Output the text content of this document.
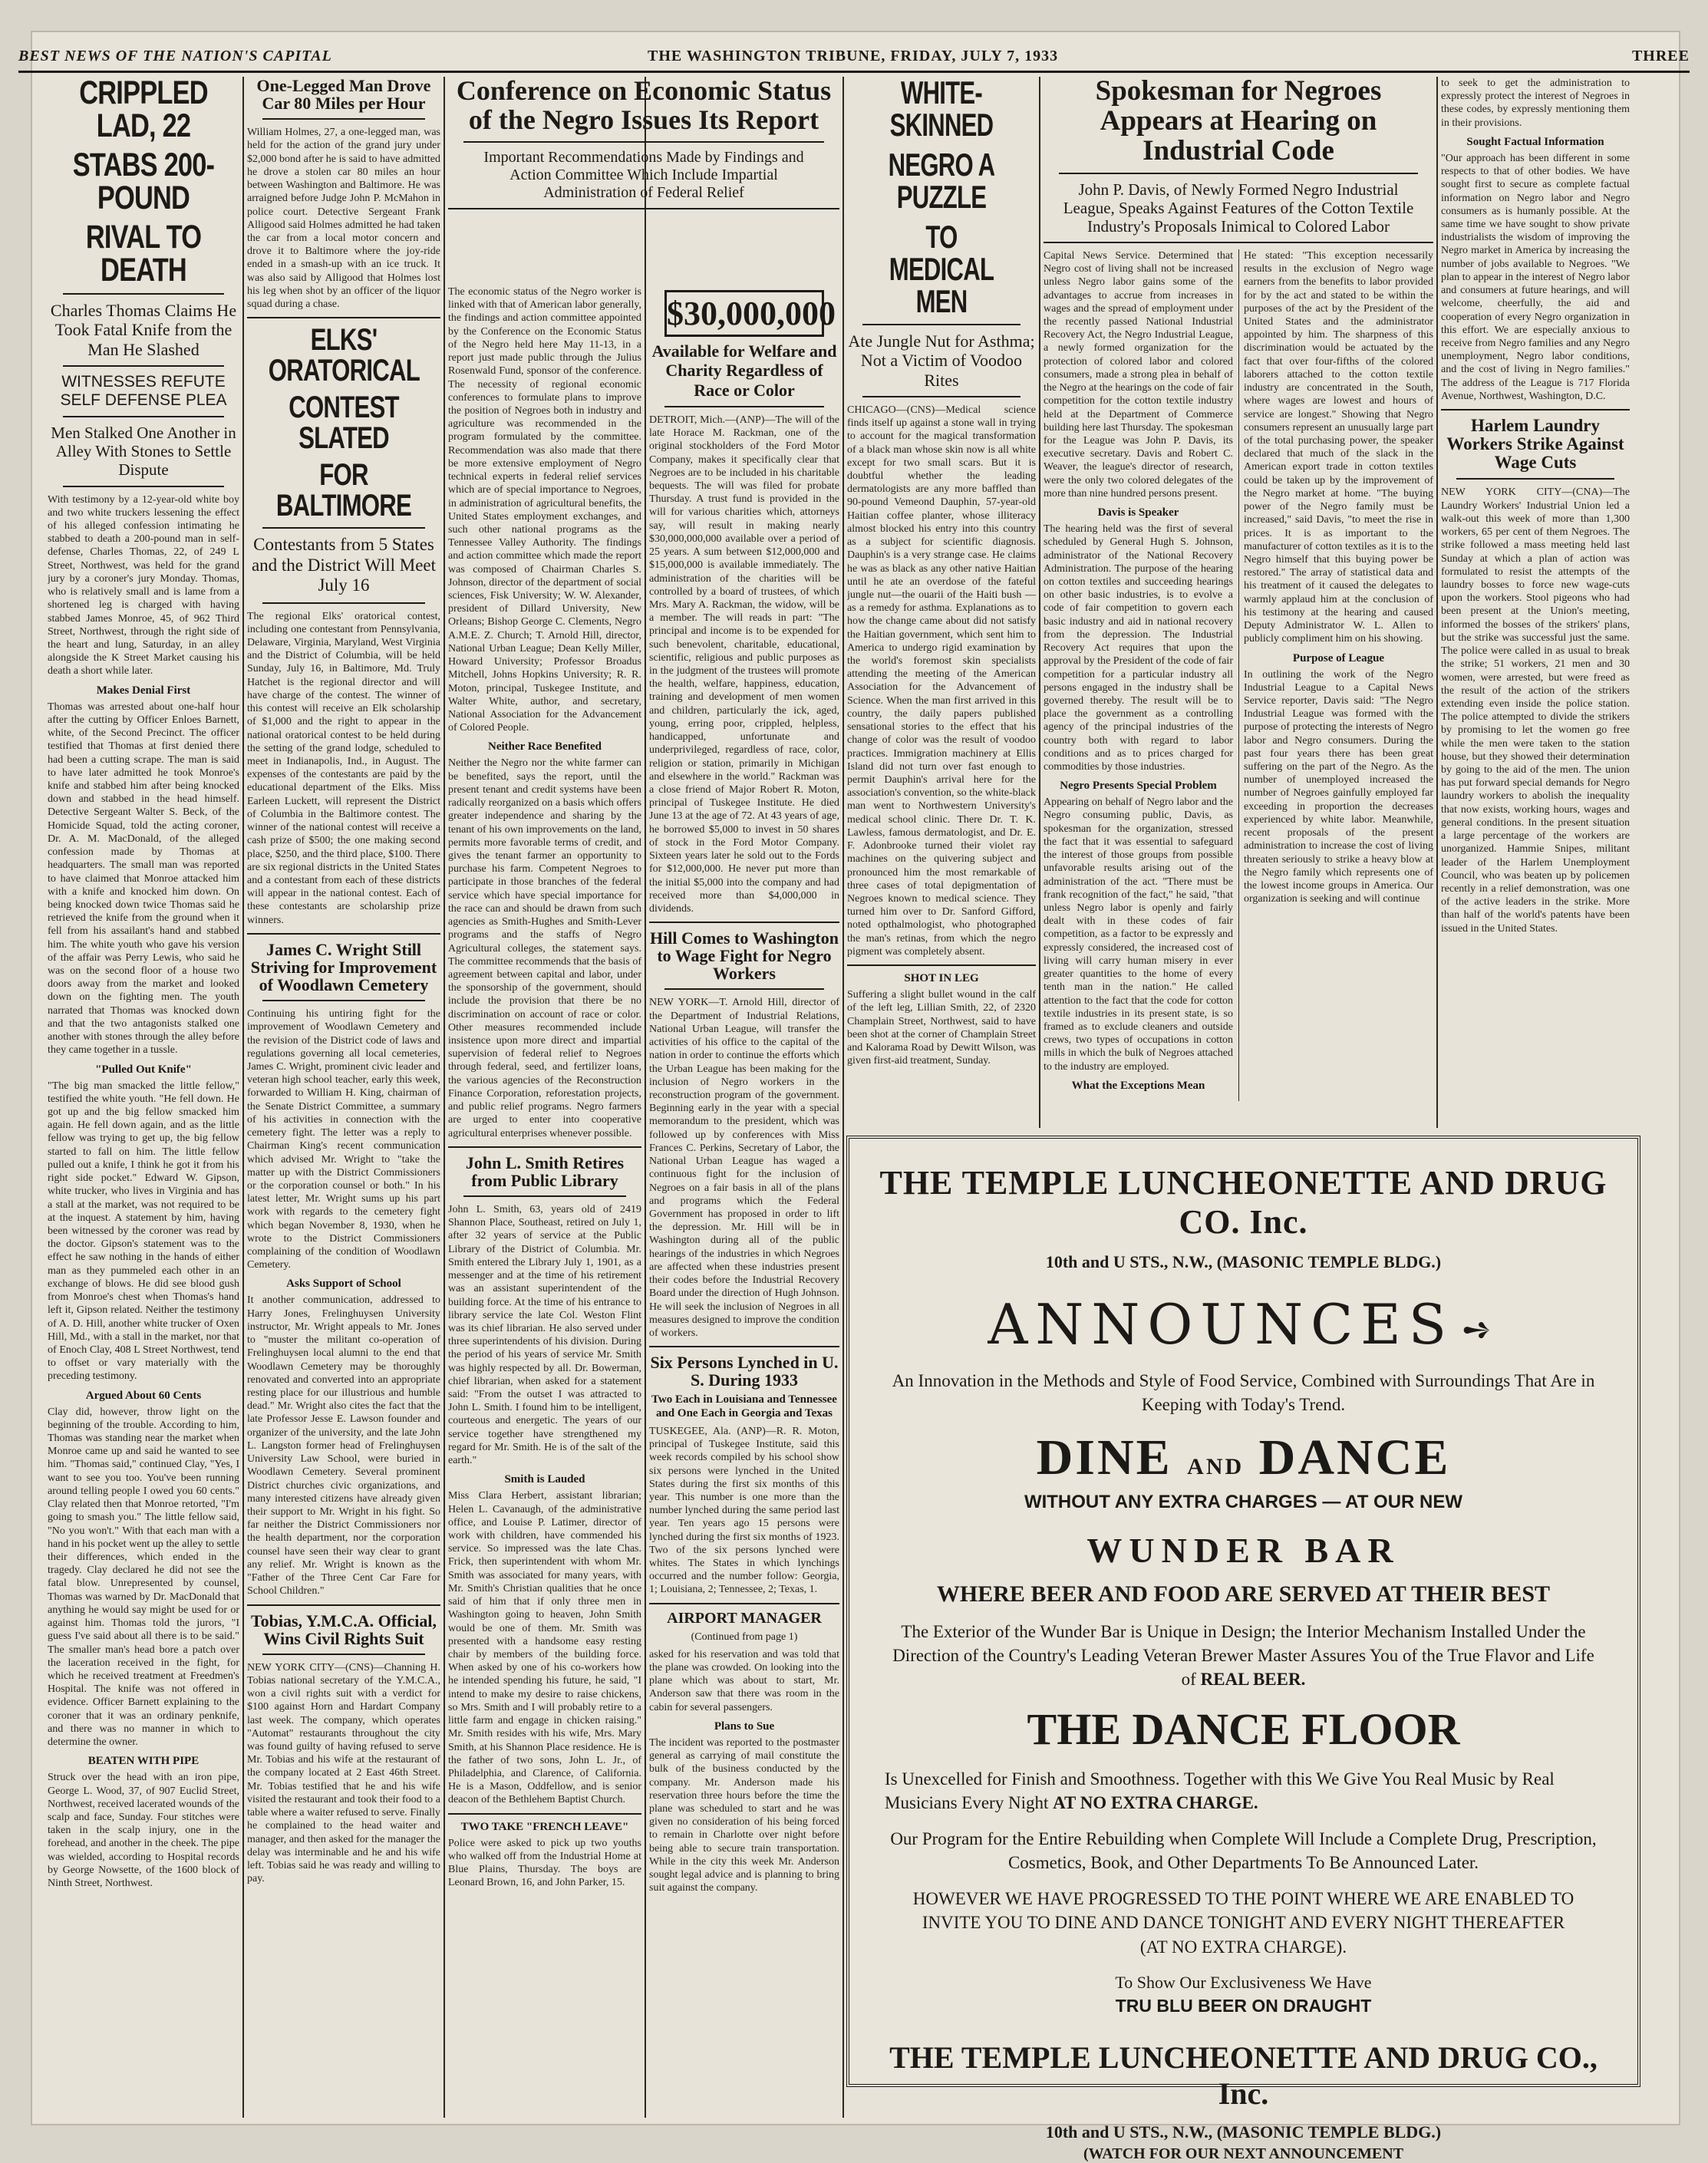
BEST NEWS OF THE NATION'S CAPITAL	THE WASHINGTON TRIBUNE, FRIDAY, JULY 7, 1933	THREE
CRIPPLED LAD, 22
STABS 200-POUND
RIVAL TO DEATH
Charles Thomas Claims He Took Fatal Knife from the Man He Slashed
WITNESSES REFUTE SELF DEFENSE PLEA
Men Stalked One Another in Alley With Stones to Settle Dispute

With testimony by a 12-year-old white boy and two white truckers lessening the effect of his alleged confession intimating he stabbed to death a 200-pound man in self-defense, Charles Thomas, 22, of 249 L Street, Northwest, was held for the grand jury by a coroner's jury Monday. Thomas, who is relatively small and is lame from a shortened leg is charged with having stabbed James Monroe, 45, of 962 Third Street, Northwest, through the right side of the heart and lung, Saturday, in an alley alongside the K Street Market causing his death a short while later.

Makes Denial First

Thomas was arrested about one-half hour after the cutting by Officer Enloes Barnett, white, of the Second Precinct. The officer testified that Thomas at first denied there had been a cutting scrape. The man is said to have later admitted he took Monroe's knife and stabbed him after being knocked down and stabbed in the head himself. Detective Sergeant Walter S. Beck, of the Homicide Squad, told the acting coroner, Dr. A. M. MacDonald, of the alleged confession made by Thomas at headquarters. The small man was reported to have claimed that Monroe attacked him with a knife and knocked him down. On being knocked down twice Thomas said he retrieved the knife from the ground when it fell from his assailant's hand and stabbed him. The white youth who gave his version of the affair was Perry Lewis, who said he was on the second floor of a house two doors away from the market and looked down on the fighting men. The youth narrated that Thomas was knocked down and that the two antagonists stalked one another with stones through the alley before they came together in a tussle.

"Pulled Out Knife"

"The big man smacked the little fellow," testified the white youth. "He fell down. He got up and the big fellow smacked him again. He fell down again, and as the little fellow was trying to get up, the big fellow started to fall on him. The little fellow pulled out a knife, I think he got it from his right side pocket." Edward W. Gipson, white trucker, who lives in Virginia and has a stall at the market, was not required to be at the inquest. A statement by him, having been witnessed by the coroner was read by the doctor. Gipson's statement was to the effect he saw nothing in the hands of either man as they pummeled each other in an exchange of blows. He did see blood gush from Monroe's chest when Thomas's hand left it, Gipson related. Neither the testimony of A. D. Hill, another white trucker of Oxen Hill, Md., with a stall in the market, nor that of Enoch Clay, 408 L Street Northwest, tend to offset or vary materially with the preceding testimony.

Argued About 60 Cents

Clay did, however, throw light on the beginning of the trouble. According to him, Thomas was standing near the market when Monroe came up and said he wanted to see him. "Thomas said," continued Clay, "Yes, I want to see you too. You've been running around telling people I owed you 60 cents." Clay related then that Monroe retorted, "I'm going to smash you." The little fellow said, "No you won't." With that each man with a hand in his pocket went up the alley to settle their differences, which ended in the tragedy. Clay declared he did not see the fatal blow. Unrepresented by counsel, Thomas was warned by Dr. MacDonald that anything he would say might be used for or against him. Thomas told the jurors, "I guess I've said about all there is to be said." The smaller man's head bore a patch over the laceration received in the fight, for which he received treatment at Freedmen's Hospital. The knife was not offered in evidence. Officer Barnett explaining to the coroner that it was an ordinary penknife, and there was no manner in which to determine the owner.

BEATEN WITH PIPE

Struck over the head with an iron pipe, George L. Wood, 37, of 907 Euclid Street, Northwest, received lacerated wounds of the scalp and face, Sunday. Four stitches were taken in the scalp injury, one in the forehead, and another in the cheek. The pipe was wielded, according to Hospital records by George Nowsette, of the 1600 block of Ninth Street, Northwest.

One-Legged Man Drove Car 80 Miles per Hour

William Holmes, 27, a one-legged man, was held for the action of the grand jury under $2,000 bond after he is said to have admitted he drove a stolen car 80 miles an hour between Washington and Baltimore. He was arraigned before Judge John P. McMahon in police court. Detective Sergeant Frank Alligood said Holmes admitted he had taken the car from a local motor concern and drove it to Baltimore where the joy-ride ended in a smash-up with an ice truck. It was also said by Alligood that Holmes lost his leg when shot by an officer of the liquor squad during a chase.

ELKS' ORATORICAL
CONTEST SLATED
FOR BALTIMORE
Contestants from 5 States and the District Will Meet July 16

The regional Elks' oratorical contest, including one contestant from Pennsylvania, Delaware, Virginia, Maryland, West Virginia and the District of Columbia, will be held Sunday, July 16, in Baltimore, Md. Truly Hatchet is the regional director and will have charge of the contest. The winner of this contest will receive an Elk scholarship of $1,000 and the right to appear in the national oratorical contest to be held during the setting of the grand lodge, scheduled to meet in Indianapolis, Ind., in August. The expenses of the contestants are paid by the educational department of the Elks. Miss Earleen Luckett, will represent the District of Columbia in the Baltimore contest. The winner of the national contest will receive a cash prize of $500; the one making second place, $250, and the third place, $100. There are six regional districts in the United States and a contestant from each of these districts will appear in the national contest. Each of these contestants are scholarship prize winners.

James C. Wright Still Striving for Improvement of Woodlawn Cemetery

Continuing his untiring fight for the improvement of Woodlawn Cemetery and the revision of the District code of laws and regulations governing all local cemeteries, James C. Wright, prominent civic leader and veteran high school teacher, early this week, forwarded to William H. King, chairman of the Senate District Committee, a summary of his activities in connection with the cemetery fight. The letter was a reply to Chairman King's recent communication which advised Mr. Wright to "take the matter up with the District Commissioners or the corporation counsel or both." In his latest letter, Mr. Wright sums up his part work with regards to the cemetery fight which began November 8, 1930, when he wrote to the District Commissioners complaining of the condition of Woodlawn Cemetery.

Asks Support of School

It another communication, addressed to Harry Jones, Frelinghuysen University instructor, Mr. Wright appeals to Mr. Jones to "muster the militant co-operation of Frelinghuysen local alumni to the end that Woodlawn Cemetery may be thoroughly renovated and converted into an appropriate resting place for our illustrious and humble dead." Mr. Wright also cites the fact that the late Professor Jesse E. Lawson founder and organizer of the university, and the late John L. Langston former head of Frelinghuysen University Law School, were buried in Woodlawn Cemetery. Several prominent District churches civic organizations, and many interested citizens have already given their support to Mr. Wright in his fight. So far neither the District Commissioners nor the health department, nor the corporation counsel have seen their way clear to grant any relief. Mr. Wright is known as the "Father of the Three Cent Car Fare for School Children."

Tobias, Y.M.C.A. Official, Wins Civil Rights Suit

NEW YORK CITY—(CNS)—Channing H. Tobias national secretary of the Y.M.C.A., won a civil rights suit with a verdict for $100 against Horn and Hardart Company last week. The company, which operates "Automat" restaurants throughout the city was found guilty of having refused to serve Mr. Tobias and his wife at the restaurant of the company located at 2 East 46th Street. Mr. Tobias testified that he and his wife visited the restaurant and took their food to a table where a waiter refused to serve. Finally he complained to the head waiter and manager, and then asked for the manager the delay was interminable and he and his wife left. Tobias said he was ready and willing to pay.

Conference on Economic Status of the Negro Issues Its Report
Important Recommendations Made by Findings and Action Committee Which Include Impartial Administration of Federal Relief

The economic status of the Negro worker is linked with that of American labor generally, the findings and action committee appointed by the Conference on the Economic Status of the Negro held here May 11-13, in a report just made public through the Julius Rosenwald Fund, sponsor of the conference. The necessity of regional economic conferences to formulate plans to improve the position of Negroes both in industry and agriculture was recommended in the program formulated by the committee. Recommendation was also made that there be more extensive employment of Negro technical experts in federal relief services which are of special importance to Negroes, in administration of agricultural benefits, the United States employment exchanges, and such other national programs as the Tennessee Valley Authority. The findings and action committee which made the report was composed of Chairman Charles S. Johnson, director of the department of social sciences, Fisk University; W. W. Alexander, president of Dillard University, New Orleans; Bishop George C. Clements, Negro A.M.E. Z. Church; T. Arnold Hill, director, National Urban League; Dean Kelly Miller, Howard University; Professor Broadus Mitchell, Johns Hopkins University; R. R. Moton, principal, Tuskegee Institute, and Walter White, author, and secretary, National Association for the Advancement of Colored People.

Neither Race Benefited

Neither the Negro nor the white farmer can be benefited, says the report, until the present tenant and credit systems have been radically reorganized on a basis which offers greater independence and sharing by the tenant of his own improvements on the land, permits more favorable terms of credit, and gives the tenant farmer an opportunity to purchase his farm. Competent Negroes to participate in those branches of the federal service which have special importance for the race can and should be drawn from such agencies as Smith-Hughes and Smith-Lever programs and the staffs of Negro Agricultural colleges, the statement says. The committee recommends that the basis of agreement between capital and labor, under the sponsorship of the government, should include the provision that there be no discrimination on account of race or color. Other measures recommended include insistence upon more direct and impartial supervision of federal relief to Negroes through federal, seed, and fertilizer loans, the various agencies of the Reconstruction Finance Corporation, reforestation projects, and public relief programs. Negro farmers are urged to enter into cooperative agricultural enterprises whenever possible.

John L. Smith Retires from Public Library

John L. Smith, 63, years old of 2419 Shannon Place, Southeast, retired on July 1, after 32 years of service at the Public Library of the District of Columbia. Mr. Smith entered the Library July 1, 1901, as a messenger and at the time of his retirement was an assistant superintendent of the building force. At the time of his entrance to library service the late Col. Weston Flint was its chief librarian. He also served under three superintendents of his division. During the period of his years of service Mr. Smith was highly respected by all. Dr. Bowerman, chief librarian, when asked for a statement said: "From the outset I was attracted to John L. Smith. I found him to be intelligent, courteous and energetic. The years of our service together have strengthened my regard for Mr. Smith. He is of the salt of the earth."

Smith is Lauded

Miss Clara Herbert, assistant librarian; Helen L. Cavanaugh, of the administrative office, and Louise P. Latimer, director of work with children, have commended his service. So impressed was the late Chas. Frick, then superintendent with whom Mr. Smith was associated for many years, with Mr. Smith's Christian qualities that he once said of him that if only three men in Washington going to heaven, John Smith would be one of them. Mr. Smith was presented with a handsome easy resting chair by members of the building force. When asked by one of his co-workers how he intended spending his future, he said, "I intend to make my desire to raise chickens, so Mrs. Smith and I will probably retire to a little farm and engage in chicken raising." Mr. Smith resides with his wife, Mrs. Mary Smith, at his Shannon Place residence. He is the father of two sons, John L. Jr., of Philadelphia, and Clarence, of California. He is a Mason, Oddfellow, and is senior deacon of the Bethlehem Baptist Church.

TWO TAKE "FRENCH LEAVE"

Police were asked to pick up two youths who walked off from the Industrial Home at Blue Plains, Thursday. The boys are Leonard Brown, 16, and John Parker, 15.

$30,000,000
Available for Welfare and Charity Regardless of Race or Color

DETROIT, Mich.—(ANP)—The will of the late Horace M. Rackman, one of the original stockholders of the Ford Motor Company, makes it specifically clear that Negroes are to be included in his charitable bequests. The will was filed for probate Thursday. A trust fund is provided in the will for various charities which, attorneys say, will result in making nearly $30,000,000,000 available over a period of 25 years. A sum between $12,000,000 and $15,000,000 is available immediately. The administration of the charities will be controlled by a board of trustees, of which Mrs. Mary A. Rackman, the widow, will be a member. The will reads in part: "The principal and income is to be expended for such benevolent, charitable, educational, scientific, religious and public purposes as in the judgment of the trustees will promote the health, welfare, happiness, education, training and development of men women and children, particularly the ick, aged, young, erring poor, crippled, helpless, handicapped, unfortunate and underprivileged, regardless of race, color, religion or station, primarily in Michigan and elsewhere in the world." Rackman was a close friend of Major Robert R. Moton, principal of Tuskegee Institute. He died June 13 at the age of 72. At 43 years of age, he borrowed $5,000 to invest in 50 shares of stock in the Ford Motor Company. Sixteen years later he sold out to the Fords for $12,000,000. He never put more than the initial $5,000 into the company and had received more than $4,000,000 in dividends.

Hill Comes to Washington to Wage Fight for Negro Workers

NEW YORK—T. Arnold Hill, director of the Department of Industrial Relations, National Urban League, will transfer the activities of his office to the capital of the nation in order to continue the efforts which the Urban League has been making for the inclusion of Negro workers in the reconstruction program of the government. Beginning early in the year with a special memorandum to the president, which was followed up by conferences with Miss Frances C. Perkins, Secretary of Labor, the National Urban League has waged a continuous fight for the inclusion of Negroes on a fair basis in all of the plans and programs which the Federal Government has proposed in order to lift the depression. Mr. Hill will be in Washington during all of the public hearings of the industries in which Negroes are affected when these industries present their codes before the Industrial Recovery Board under the direction of Hugh Johnson. He will seek the inclusion of Negroes in all measures designed to improve the condition of workers.

Six Persons Lynched in U. S. During 1933
Two Each in Louisiana and Tennessee and One Each in Georgia and Texas

TUSKEGEE, Ala. (ANP)—R. R. Moton, principal of Tuskegee Institute, said this week records compiled by his school show six persons were lynched in the United States during the first six months of this year. This number is one more than the number lynched during the same period last year. Ten years ago 15 persons were lynched during the first six months of 1923. Two of the six persons lynched were whites. The States in which lynchings occurred and the number follow: Georgia, 1; Louisiana, 2; Tennessee, 2; Texas, 1.

AIRPORT MANAGER
(Continued from page 1)

asked for his reservation and was told that the plane was crowded. On looking into the plane which was about to start, Mr. Anderson saw that there was room in the cabin for several passengers.

Plans to Sue

The incident was reported to the postmaster general as carrying of mail constitute the bulk of the business conducted by the company. Mr. Anderson made his reservation three hours before the time the plane was scheduled to start and he was given no consideration of his being forced to remain in Charlotte over night before being able to secure train transportation. While in the city this week Mr. Anderson sought legal advice and is planning to bring suit against the company.

WHITE-SKINNED
NEGRO A PUZZLE
TO MEDICAL MEN
Ate Jungle Nut for Asthma; Not a Victim of Voodoo Rites

CHICAGO—(CNS)—Medical science finds itself up against a stone wall in trying to account for the magical transformation of a black man whose skin now is all white except for two small scars. But it is doubtful whether the leading dermatologists are any more baffled than 90-pound Vemeond Dauphin, 57-year-old Haitian coffee planter, whose illiteracy almost blocked his entry into this country as a subject for scientific diagnosis. Dauphin's is a very strange case. He claims he was as black as any other native Haitian until he ate an overdose of the fateful jungle nut—the ouarii of the Haiti bush —as a remedy for asthma. Explanations as to how the change came about did not satisfy the Haitian government, which sent him to America to undergo rigid examination by the world's foremost skin specialists attending the meeting of the American Association for the Advancement of Science. When the man first arrived in this country, the daily papers published sensational stories to the effect that his change of color was the result of voodoo practices. Immigration machinery at Ellis Island did not turn over fast enough to permit Dauphin's arrival here for the association's convention, so the white-black man went to Northwestern University's medical school clinic. There Dr. T. K. Lawless, famous dermatologist, and Dr. E. F. Adonbrooke turned their violet ray machines on the quivering subject and pronounced him the most remarkable of three cases of total depigmentation of Negroes known to medical science. They turned him over to Dr. Sanford Gifford, noted opthalmologist, who photographed the man's retinas, from which the negro pigment was completely absent.

SHOT IN LEG

Suffering a slight bullet wound in the calf of the left leg, Lillian Smith, 22, of 2320 Champlain Street, Northwest, said to have been shot at the corner of Champlain Street and Kalorama Road by Dewitt Wilson, was given first-aid treatment, Sunday.

Spokesman for Negroes Appears at Hearing on Industrial Code
John P. Davis, of Newly Formed Negro Industrial League, Speaks Against Features of the Cotton Textile Industry's Proposals Inimical to Colored Labor

Capital News Service. Determined that Negro cost of living shall not be increased unless Negro labor gains some of the advantages to accrue from increases in wages and the spread of employment under the recently passed National Industrial Recovery Act, the Negro Industrial League, a newly formed organization for the protection of colored labor and colored consumers, made a strong plea in behalf of the Negro at the hearings on the code of fair competition for the cotton textile industry held at the Department of Commerce building here last Thursday. The spokesman for the League was John P. Davis, its executive secretary. Davis and Robert C. Weaver, the league's director of research, were the only two colored delegates of the more than nine hundred persons present.

Davis is Speaker

The hearing held was the first of several scheduled by General Hugh S. Johnson, administrator of the National Recovery Administration. The purpose of the hearing on cotton textiles and succeeding hearings on other basic industries, is to evolve a code of fair competition to govern each basic industry and aid in national recovery from the depression. The Industrial Recovery Act requires that upon the approval by the President of the code of fair competition for a particular industry all persons engaged in the industry shall be governed thereby. The result will be to place the government as a controlling agency of the principal industries of the country both with regard to labor conditions and as to prices charged for commodities by those industries.

Negro Presents Special Problem

Appearing on behalf of Negro labor and the Negro consuming public, Davis, as spokesman for the organization, stressed the fact that it was essential to safeguard the interest of those groups from possible unfavorable results arising out of the administration of the act. "There must be frank recognition of the fact," he said, "that unless Negro labor is openly and fairly dealt with in these codes of fair competition, as a factor to be expressly and expressly considered, the increased cost of living will carry human misery in ever greater quantities to the home of every tenth man in the nation." He called attention to the fact that the code for cotton textile industries in its present state, is so framed as to exclude cleaners and outside crews, two types of occupations in cotton mills in which the bulk of Negroes attached to the industry are employed.

What the Exceptions Mean

He stated: "This exception necessarily results in the exclusion of Negro wage earners from the benefits to labor provided for by the act and stated to be within the purposes of the act by the President of the United States and the administrator appointed by him. The sharpness of this discrimination would be actuated by the fact that over four-fifths of the colored laborers attached to the cotton textile industry are concentrated in the South, where wages are lowest and hours of service are longest." Showing that Negro consumers represent an unusually large part of the total purchasing power, the speaker declared that much of the slack in the American export trade in cotton textiles could be taken up by the improvement of the Negro market at home. "The buying power of the Negro family must be increased," said Davis, "to meet the rise in prices. It is as important to the manufacturer of cotton textiles as it is to the Negro himself that this buying power be restored." The array of statistical data and his treatment of it caused the delegates to warmly applaud him at the conclusion of his testimony at the hearing and caused Deputy Administrator W. L. Allen to publicly compliment him on his showing.

Purpose of League

In outlining the work of the Negro Industrial League to a Capital News Service reporter, Davis said: "The Negro Industrial League was formed with the purpose of protecting the interests of Negro labor and Negro consumers. During the past four years there has been great suffering on the part of the Negro. As the number of unemployed increased the number of Negroes gainfully employed far exceeding in proportion the decreases experienced by white labor. Meanwhile, recent proposals of the present administration to increase the cost of living threaten seriously to strike a heavy blow at the Negro family which represents one of the lowest income groups in America. Our organization is seeking and will continue

to seek to get the administration to expressly protect the interest of Negroes in these codes, by expressly mentioning them in their provisions.

Sought Factual Information

"Our approach has been different in some respects to that of other bodies. We have sought first to secure as complete factual information on Negro labor and Negro consumers as is humanly possible. At the same time we have sought to show private industrialists the wisdom of improving the Negro market in America by increasing the number of jobs available to Negroes. "We plan to appear in the interest of Negro labor and consumers at future hearings, and will welcome, cheerfully, the aid and cooperation of every Negro organization in this effort. We are especially anxious to receive from Negro families and any Negro unemployment, Negro labor conditions, and the cost of living in Negro families." The address of the League is 717 Florida Avenue, Northwest, Washington, D.C.

Harlem Laundry Workers Strike Against Wage Cuts

NEW YORK CITY—(CNA)—The Laundry Workers' Industrial Union led a walk-out this week of more than 1,300 workers, 65 per cent of them Negroes. The strike followed a mass meeting held last Sunday at which a plan of action was formulated to resist the attempts of the laundry bosses to force new wage-cuts upon the workers. Stool pigeons who had been present at the Union's meeting, informed the bosses of the strikers' plans, but the strike was successful just the same. The police were called in as usual to break the strike; 51 workers, 21 men and 30 women, were arrested, but were freed as the result of the action of the strikers extending even inside the police station. The police attempted to divide the strikers by promising to let the women go free while the men were taken to the station house, but they showed their determination by going to the aid of the men. The union has put forward special demands for Negro laundry workers to abolish the inequality that now exists, working hours, wages and general conditions. In the present situation a large percentage of the workers are unorganized. Hammie Snipes, militant leader of the Harlem Unemployment Council, who was beaten up by policemen recently in a relief demonstration, was one of the active leaders in the strike. More than half of the world's patents have been issued in the United States.

THE TEMPLE LUNCHEONETTE AND DRUG CO. Inc.
10th and U STS., N.W., (MASONIC TEMPLE BLDG.)
ANNOUNCES ➺
An Innovation in the Methods and Style of Food Service, Combined with Surroundings That Are in Keeping with Today's Trend.
DINE AND DANCE
WITHOUT ANY EXTRA CHARGES — AT OUR NEW
WUNDER BAR
WHERE BEER AND FOOD ARE SERVED AT THEIR BEST
The Exterior of the Wunder Bar is Unique in Design; the Interior Mechanism Installed Under the Direction of the Country's Leading Veteran Brewer Master Assures You of the True Flavor and Life of REAL BEER.
THE DANCE FLOOR
Is Unexcelled for Finish and Smoothness. Together with this We Give You Real Music by Real Musicians Every Night AT NO EXTRA CHARGE.
Our Program for the Entire Rebuilding when Complete Will Include a Complete Drug, Prescription, Cosmetics, Book, and Other Departments To Be Announced Later.
HOWEVER WE HAVE PROGRESSED TO THE POINT WHERE WE ARE ENABLED TO INVITE YOU TO DINE AND DANCE TONIGHT AND EVERY NIGHT THEREAFTER (AT NO EXTRA CHARGE).
To Show Our Exclusiveness We Have
TRU BLU BEER ON DRAUGHT
THE TEMPLE LUNCHEONETTE AND DRUG CO., Inc.
10th and U STS., N.W., (MASONIC TEMPLE BLDG.)
(WATCH FOR OUR NEXT ANNOUNCEMENT
